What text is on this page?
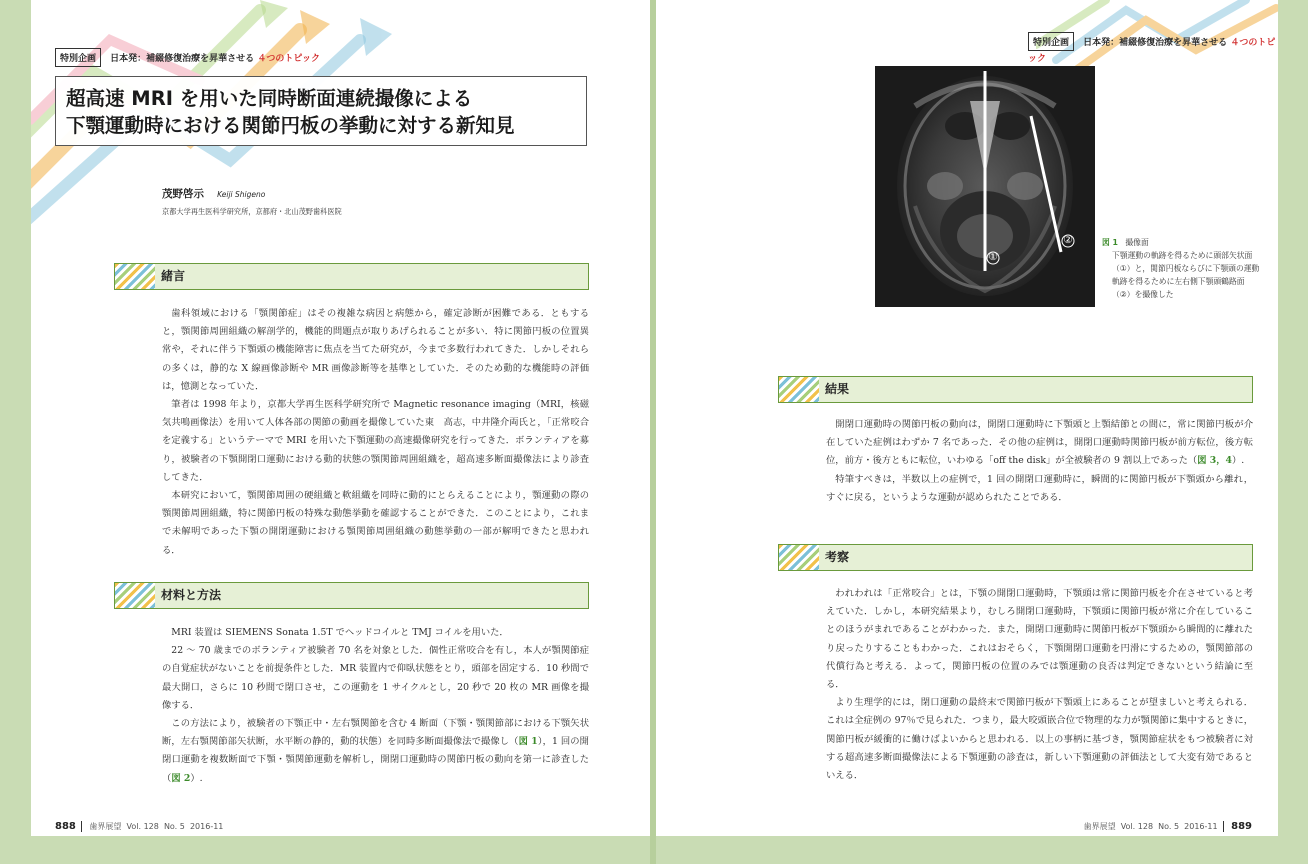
特別企画 日本発：補綴修復治療を昇華させる ４つのトピック
超高速 MRI を用いた同時断面連続撮像による
下顎運動時における関節円板の挙動に対する新知見
茂野啓示 Keiji Shigeno
京都大学再生医科学研究所，京都府・北山茂野歯科医院
緒言

歯科領域における「顎関節症」はその複雑な病因と病態から，確定診断が困難である．ともすると，顎関節周囲組織の解剖学的，機能的問題点が取りあげられることが多い．特に関節円板の位置異常や，それに伴う下顎頭の機能障害に焦点を当てた研究が，今まで多数行われてきた．しかしそれらの多くは，静的な X 線画像診断や MR 画像診断等を基準としていた．そのため動的な機能時の評価は，憶測となっていた．

筆者は 1998 年より，京都大学再生医科学研究所で Magnetic resonance imaging（MRI，核磁気共鳴画像法）を用いて人体各部の関節の動画を撮像していた東　高志，中井隆介両氏と，「正常咬合を定義する」というテーマで MRI を用いた下顎運動の高速撮像研究を行ってきた．ボランティアを募り，被験者の下顎開閉口運動における動的状態の顎関節周囲組織を，超高速多断面撮像法により診査してきた．

本研究において，顎関節周囲の硬組織と軟組織を同時に動的にとらえることにより，顎運動の際の顎関節周囲組織，特に関節円板の特殊な動態挙動を確認することができた．このことにより，これまで未解明であった下顎の開閉運動における顎関節周囲組織の動態挙動の一部が解明できたと思われる．

材料と方法

MRI 装置は SIEMENS Sonata 1.5T でヘッドコイルと TMJ コイルを用いた．

22 〜 70 歳までのボランティア被験者 70 名を対象とした．個性正常咬合を有し，本人が顎関節症の自覚症状がないことを前提条件とした．MR 装置内で仰臥状態をとり，頭部を固定する．10 秒間で最大開口，さらに 10 秒間で閉口させ，この運動を 1 サイクルとし，20 秒で 20 枚の MR 画像を撮像する．

この方法により，被験者の下顎正中・左右顎関節を含む 4 断面（下顎・顎関節部における下顎矢状断，左右顎関節部矢状断，水平断の静的，動的状態）を同時多断面撮像法で撮像し（図 1），1 回の開閉口運動を複数断面で下顎・顎関節運動を解析し，開閉口運動時の関節円板の動向を第一に診査した（図 2）.

888 歯界展望 Vol. 128 No. 5 2016-11
特別企画 日本発：補綴修復治療を昇華させる ４つのトピック
①
②	図 1 撮像面
下顎運動の軌跡を得るために頭部矢状面（①）と，関節円板ならびに下顎頭の運動軌跡を得るために左右側下顎頭鶴路面（②）を撮像した
結果

開閉口運動時の関節円板の動向は，開閉口運動時に下顎頭と上顎結節との間に，常に関節円板が介在していた症例はわずか 7 名であった．その他の症例は，開閉口運動時関節円板が前方転位，後方転位，前方・後方ともに転位，いわゆる「off the disk」が全被験者の 9 割以上であった（図 3，4）.

特筆すべきは，半数以上の症例で，1 回の開閉口運動時に，瞬間的に関節円板が下顎頭から離れ，すぐに戻る，というような運動が認められたことである．

考察

われわれは「正常咬合」とは，下顎の開閉口運動時，下顎頭は常に関節円板を介在させていると考えていた．しかし，本研究結果より，むしろ開閉口運動時，下顎頭に関節円板が常に介在していることのほうがまれであることがわかった．また，開閉口運動時に関節円板が下顎頭から瞬間的に離れたり戻ったりすることもわかった．これはおそらく，下顎開閉口運動を円滑にするための，顎関節部の代償行為と考える．よって，関節円板の位置のみでは顎運動の良否は判定できないという結論に至る．

より生理学的には，閉口運動の最終末で関節円板が下顎頭上にあることが望ましいと考えられる．これは全症例の 97％で見られた．つまり，最大咬頭嵌合位で物理的な力が顎関節に集中するときに，関節円板が緩衝的に働けばよいからと思われる．以上の事柄に基づき，顎関節症状をもつ被験者に対する超高速多断面撮像法による下顎運動の診査は，新しい下顎運動の評価法として大変有効であるといえる．

歯界展望 Vol. 128 No. 5 2016-11 889
